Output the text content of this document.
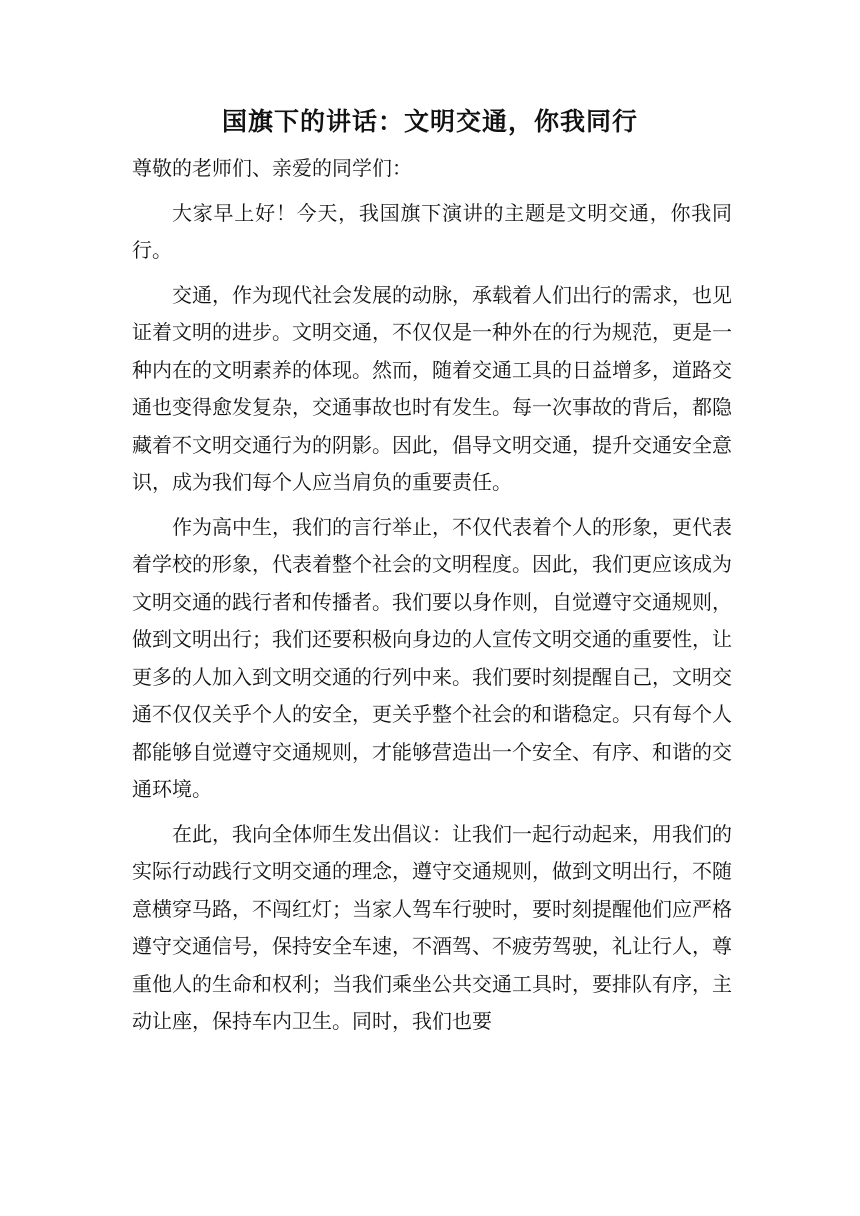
国旗下的讲话：文明交通，你我同行

尊敬的老师们、亲爱的同学们：

大家早上好！今天，我国旗下演讲的主题是文明交通，你我同行。

交通，作为现代社会发展的动脉，承载着人们出行的需求，也见证着文明的进步。文明交通，不仅仅是一种外在的行为规范，更是一种内在的文明素养的体现。然而，随着交通工具的日益增多，道路交通也变得愈发复杂，交通事故也时有发生。每一次事故的背后，都隐藏着不文明交通行为的阴影。因此，倡导文明交通，提升交通安全意识，成为我们每个人应当肩负的重要责任。

作为高中生，我们的言行举止，不仅代表着个人的形象，更代表着学校的形象，代表着整个社会的文明程度。因此，我们更应该成为文明交通的践行者和传播者。我们要以身作则，自觉遵守交通规则，做到文明出行；我们还要积极向身边的人宣传文明交通的重要性，让更多的人加入到文明交通的行列中来。我们要时刻提醒自己，文明交通不仅仅关乎个人的安全，更关乎整个社会的和谐稳定。只有每个人都能够自觉遵守交通规则，才能够营造出一个安全、有序、和谐的交通环境。

在此，我向全体师生发出倡议：让我们一起行动起来，用我们的实际行动践行文明交通的理念，遵守交通规则，做到文明出行，不随意横穿马路，不闯红灯；当家人驾车行驶时，要时刻提醒他们应严格遵守交通信号，保持安全车速，不酒驾、不疲劳驾驶，礼让行人，尊重他人的生命和权利；当我们乘坐公共交通工具时，要排队有序，主动让座，保持车内卫生。同时，我们也要
